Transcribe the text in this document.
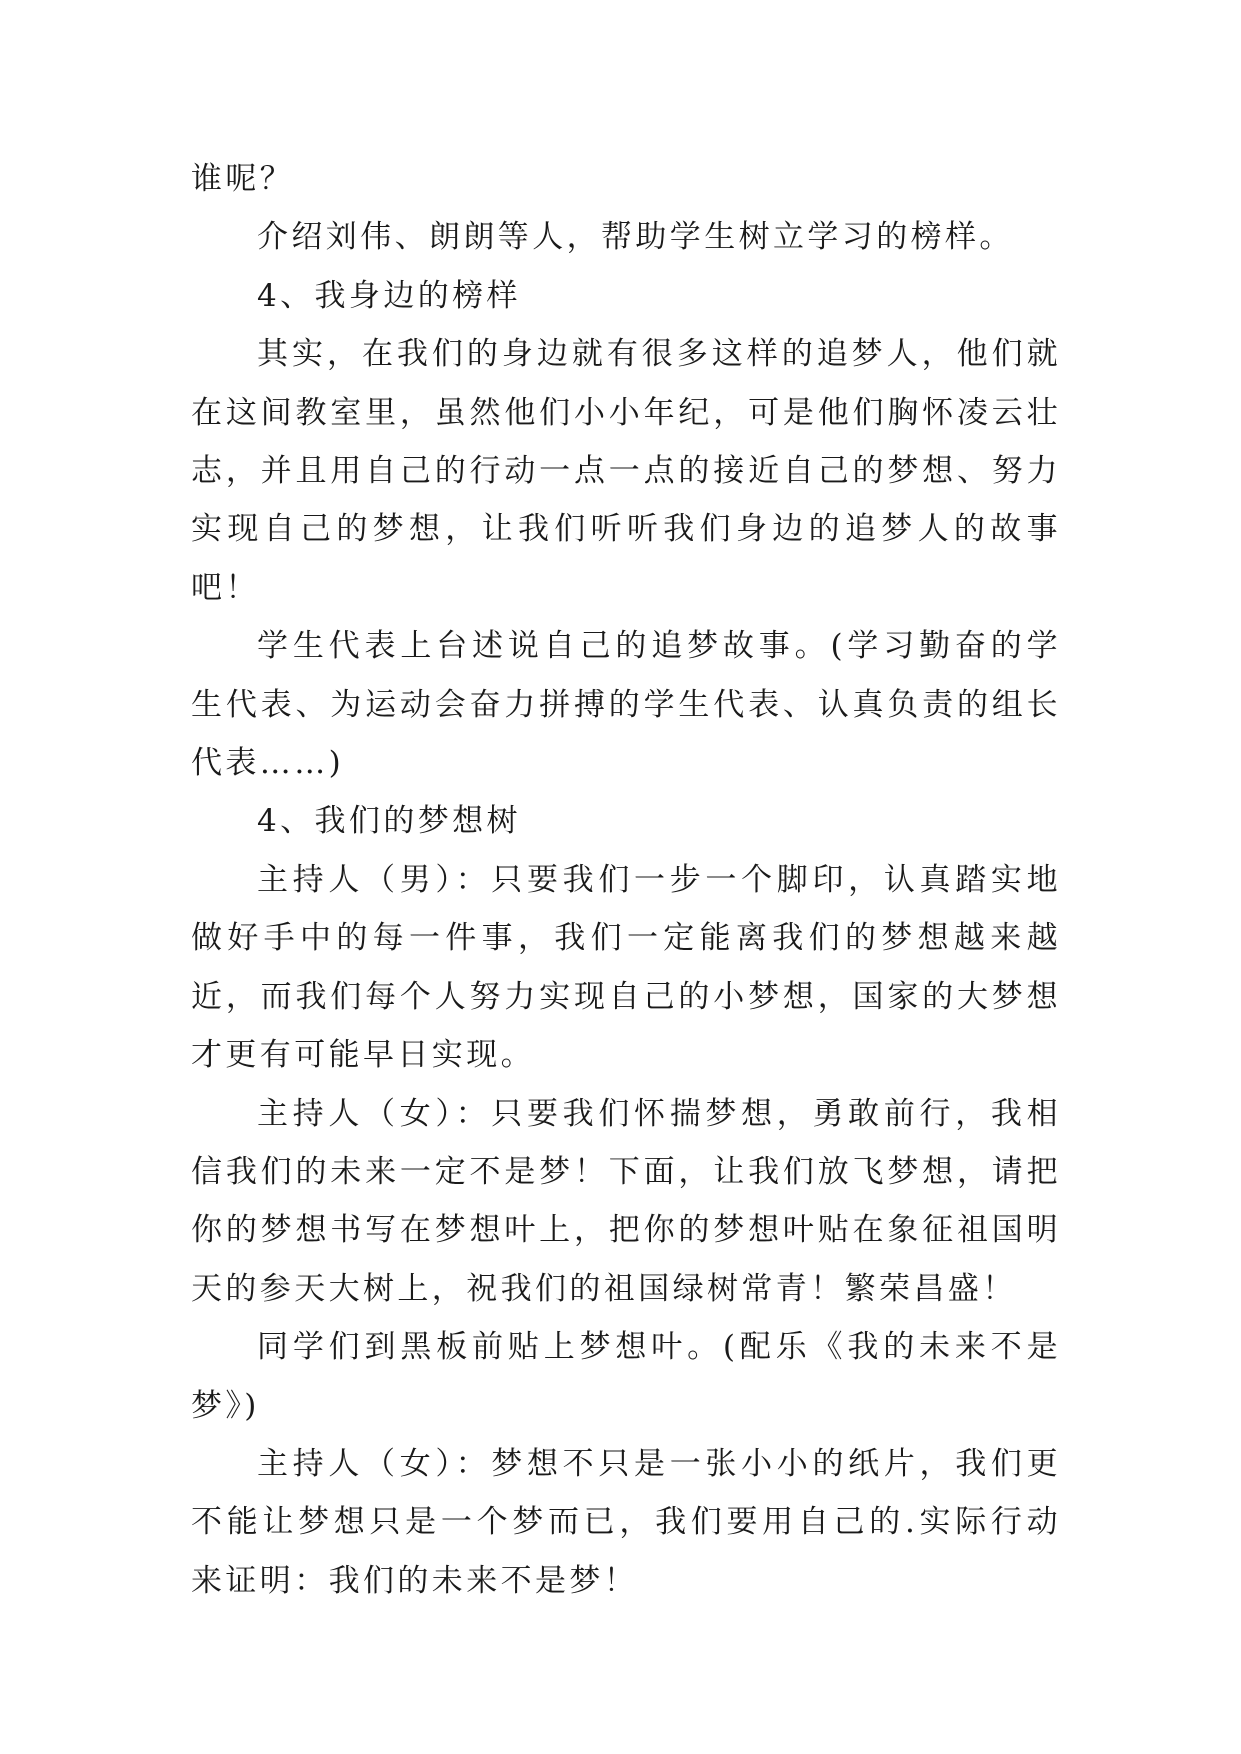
谁呢？

介绍刘伟、朗朗等人，帮助学生树立学习的榜样。

4、我身边的榜样

其实，在我们的身边就有很多这样的追梦人，他们就在这间教室里，虽然他们小小年纪，可是他们胸怀凌云壮志，并且用自己的行动一点一点的接近自己的梦想、努力实现自己的梦想，让我们听听我们身边的追梦人的故事吧！

学生代表上台述说自己的追梦故事。(学习勤奋的学生代表、为运动会奋力拼搏的学生代表、认真负责的组长代表……)

4、我们的梦想树

主持人（男）：只要我们一步一个脚印，认真踏实地做好手中的每一件事，我们一定能离我们的梦想越来越近，而我们每个人努力实现自己的小梦想，国家的大梦想才更有可能早日实现。

主持人（女）：只要我们怀揣梦想，勇敢前行，我相信我们的未来一定不是梦！下面，让我们放飞梦想，请把你的梦想书写在梦想叶上，把你的梦想叶贴在象征祖国明天的参天大树上，祝我们的祖国绿树常青！繁荣昌盛！

同学们到黑板前贴上梦想叶。(配乐《我的未来不是梦》)

主持人（女）：梦想不只是一张小小的纸片，我们更不能让梦想只是一个梦而已，我们要用自己的.实际行动来证明：我们的未来不是梦！
